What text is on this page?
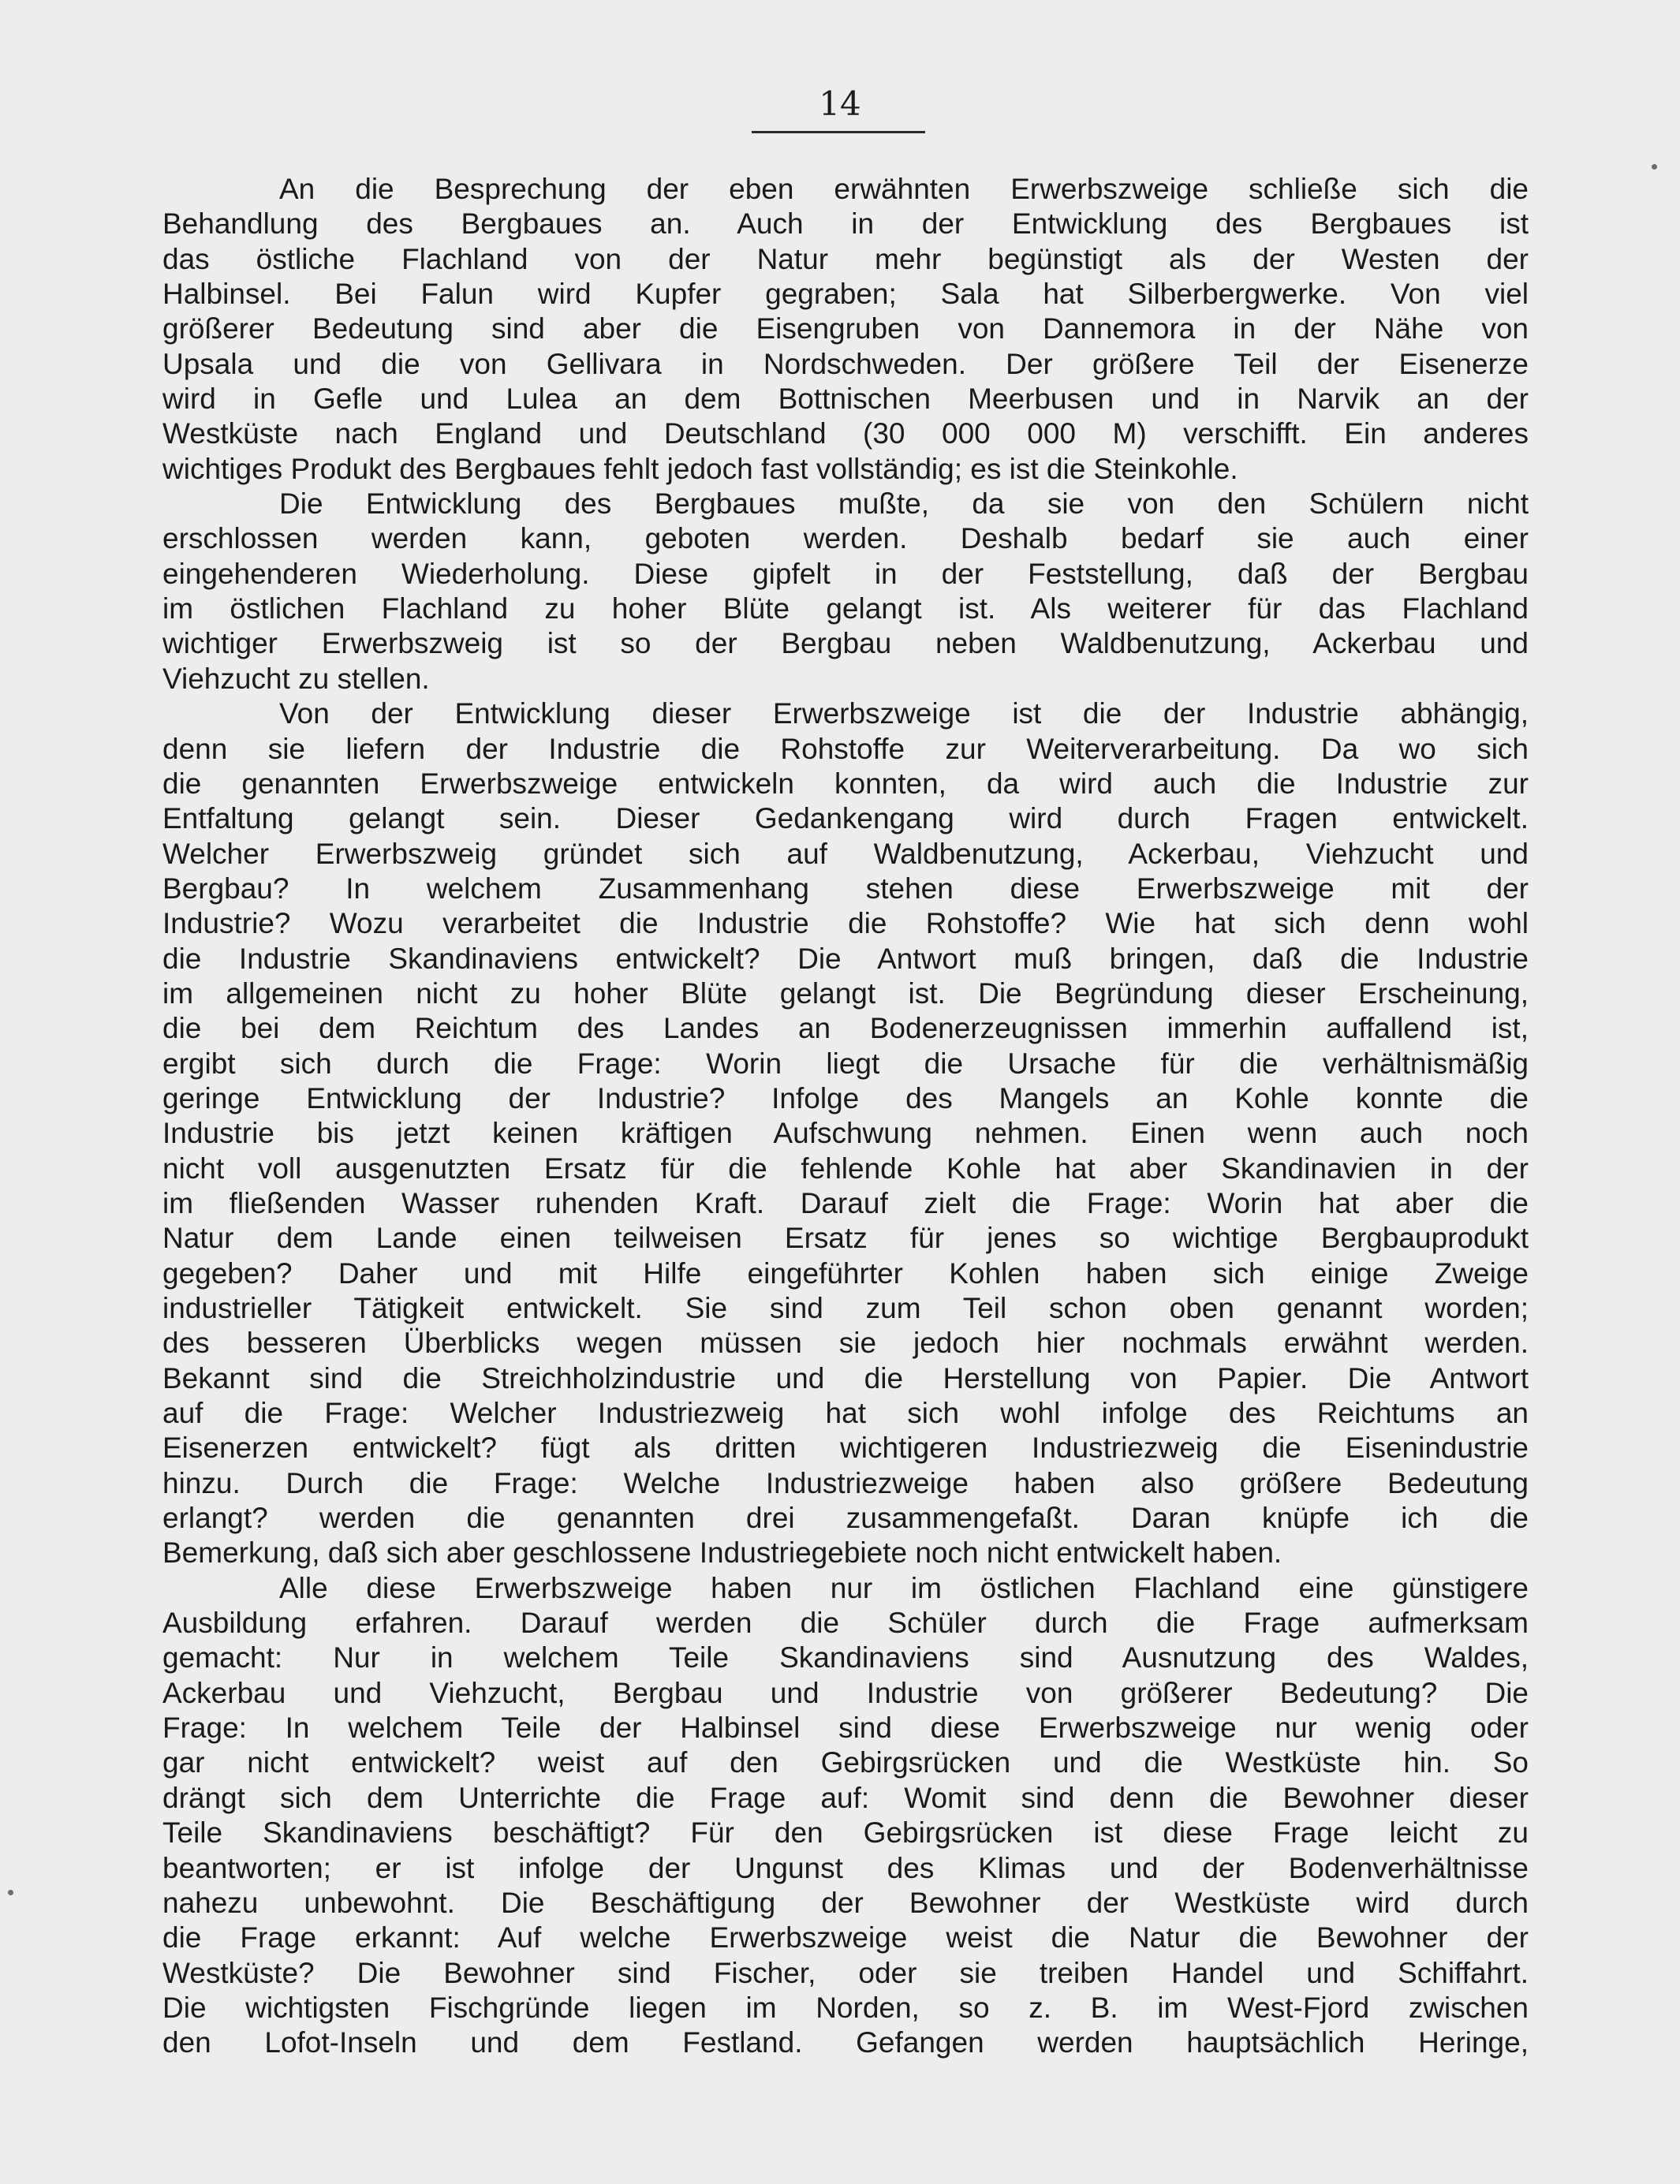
14
An die Besprechung der eben erwähnten Erwerbszweige schließe sich die
Behandlung des Bergbaues an. Auch in der Entwicklung des Bergbaues ist
das östliche Flachland von der Natur mehr begünstigt als der Westen der
Halbinsel. Bei Falun wird Kupfer gegraben; Sala hat Silberbergwerke. Von viel
größerer Bedeutung sind aber die Eisengruben von Dannemora in der Nähe von
Upsala und die von Gellivara in Nordschweden. Der größere Teil der Eisenerze
wird in Gefle und Lulea an dem Bottnischen Meerbusen und in Narvik an der
Westküste nach England und Deutschland (30 000 000 M) verschifft. Ein anderes
wichtiges Produkt des Bergbaues fehlt jedoch fast vollständig; es ist die Steinkohle.
Die Entwicklung des Bergbaues mußte, da sie von den Schülern nicht
erschlossen werden kann, geboten werden. Deshalb bedarf sie auch einer
eingehenderen Wiederholung. Diese gipfelt in der Feststellung, daß der Bergbau
im östlichen Flachland zu hoher Blüte gelangt ist. Als weiterer für das Flachland
wichtiger Erwerbszweig ist so der Bergbau neben Waldbenutzung, Ackerbau und
Viehzucht zu stellen.
Von der Entwicklung dieser Erwerbszweige ist die der Industrie abhängig,
denn sie liefern der Industrie die Rohstoffe zur Weiterverarbeitung. Da wo sich
die genannten Erwerbszweige entwickeln konnten, da wird auch die Industrie zur
Entfaltung gelangt sein. Dieser Gedankengang wird durch Fragen entwickelt.
Welcher Erwerbszweig gründet sich auf Waldbenutzung, Ackerbau, Viehzucht und
Bergbau? In welchem Zusammenhang stehen diese Erwerbszweige mit der
Industrie? Wozu verarbeitet die Industrie die Rohstoffe? Wie hat sich denn wohl
die Industrie Skandinaviens entwickelt? Die Antwort muß bringen, daß die Industrie
im allgemeinen nicht zu hoher Blüte gelangt ist. Die Begründung dieser Erscheinung,
die bei dem Reichtum des Landes an Bodenerzeugnissen immerhin auffallend ist,
ergibt sich durch die Frage: Worin liegt die Ursache für die verhältnismäßig
geringe Entwicklung der Industrie? Infolge des Mangels an Kohle konnte die
Industrie bis jetzt keinen kräftigen Aufschwung nehmen. Einen wenn auch noch
nicht voll ausgenutzten Ersatz für die fehlende Kohle hat aber Skandinavien in der
im fließenden Wasser ruhenden Kraft. Darauf zielt die Frage: Worin hat aber die
Natur dem Lande einen teilweisen Ersatz für jenes so wichtige Bergbauprodukt
gegeben? Daher und mit Hilfe eingeführter Kohlen haben sich einige Zweige
industrieller Tätigkeit entwickelt. Sie sind zum Teil schon oben genannt worden;
des besseren Überblicks wegen müssen sie jedoch hier nochmals erwähnt werden.
Bekannt sind die Streichholzindustrie und die Herstellung von Papier. Die Antwort
auf die Frage: Welcher Industriezweig hat sich wohl infolge des Reichtums an
Eisenerzen entwickelt? fügt als dritten wichtigeren Industriezweig die Eisenindustrie
hinzu. Durch die Frage: Welche Industriezweige haben also größere Bedeutung
erlangt? werden die genannten drei zusammengefaßt. Daran knüpfe ich die
Bemerkung, daß sich aber geschlossene Industriegebiete noch nicht entwickelt haben.
Alle diese Erwerbszweige haben nur im östlichen Flachland eine günstigere
Ausbildung erfahren. Darauf werden die Schüler durch die Frage aufmerksam
gemacht: Nur in welchem Teile Skandinaviens sind Ausnutzung des Waldes,
Ackerbau und Viehzucht, Bergbau und Industrie von größerer Bedeutung? Die
Frage: In welchem Teile der Halbinsel sind diese Erwerbszweige nur wenig oder
gar nicht entwickelt? weist auf den Gebirgsrücken und die Westküste hin. So
drängt sich dem Unterrichte die Frage auf: Womit sind denn die Bewohner dieser
Teile Skandinaviens beschäftigt? Für den Gebirgsrücken ist diese Frage leicht zu
beantworten; er ist infolge der Ungunst des Klimas und der Bodenverhältnisse
nahezu unbewohnt. Die Beschäftigung der Bewohner der Westküste wird durch
die Frage erkannt: Auf welche Erwerbszweige weist die Natur die Bewohner der
Westküste? Die Bewohner sind Fischer, oder sie treiben Handel und Schiffahrt.
Die wichtigsten Fischgründe liegen im Norden, so z. B. im West-Fjord zwischen
den Lofot-Inseln und dem Festland. Gefangen werden hauptsächlich Heringe,
